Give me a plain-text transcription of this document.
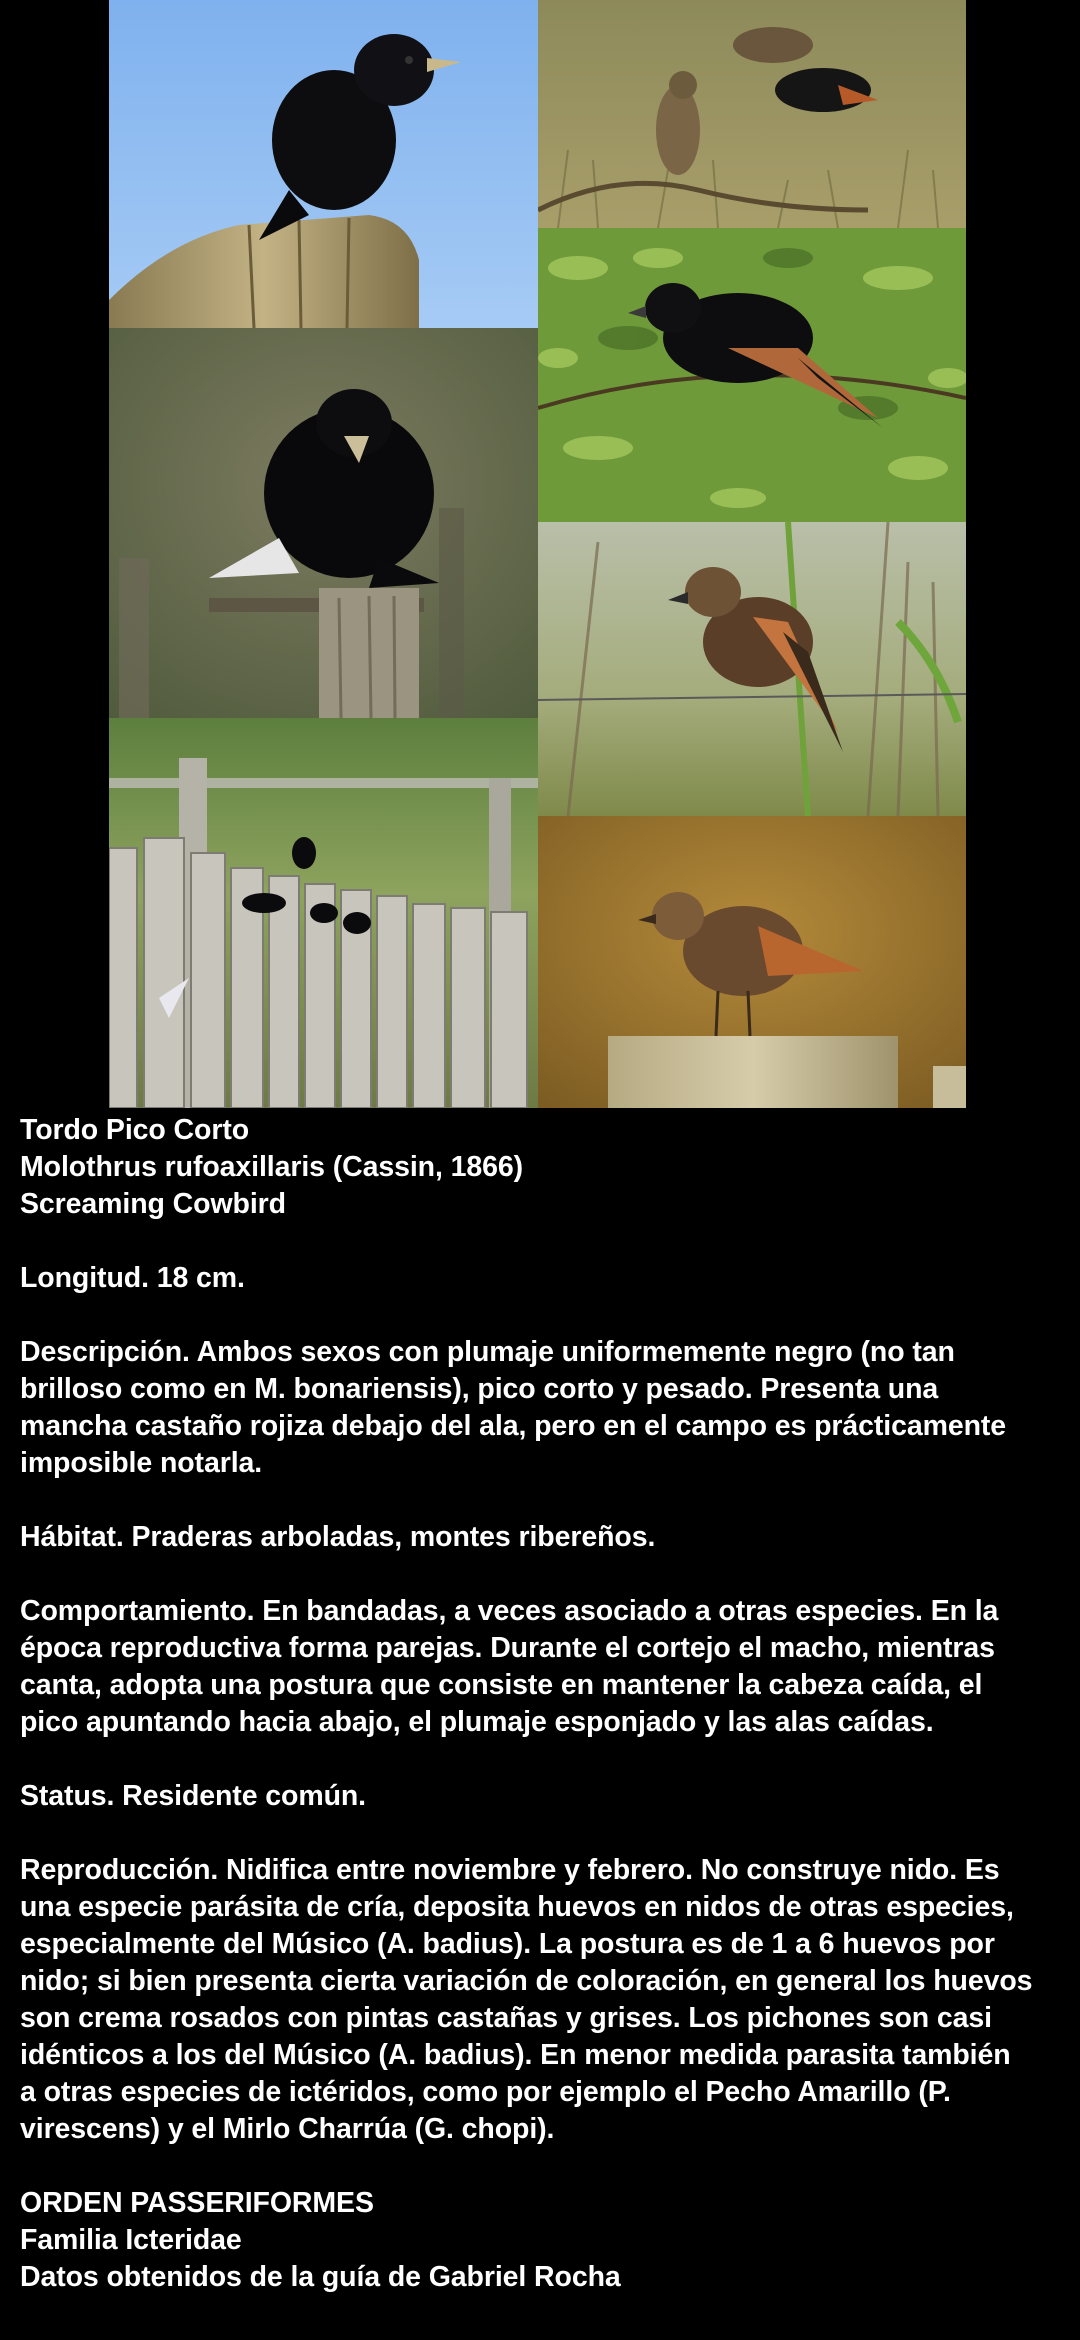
Tordo Pico Corto
Molothrus rufoaxillaris (Cassin, 1866)
Screaming Cowbird

Longitud. 18 cm.

Descripción. Ambos sexos con plumaje uniformemente negro (no tan
brilloso como en M. bonariensis), pico corto y pesado. Presenta una
mancha castaño rojiza debajo del ala, pero en el campo es prácticamente
imposible notarla.

Hábitat. Praderas arboladas, montes ribereños.

Comportamiento. En bandadas, a veces asociado a otras especies. En la
época reproductiva forma parejas. Durante el cortejo el macho, mientras
canta, adopta una postura que consiste en mantener la cabeza caída, el
pico apuntando hacia abajo, el plumaje esponjado y las alas caídas.

Status. Residente común.

Reproducción. Nidifica entre noviembre y febrero. No construye nido. Es
una especie parásita de cría, deposita huevos en nidos de otras especies,
especialmente del Músico (A. badius). La postura es de 1 a 6 huevos por
nido; si bien presenta cierta variación de coloración, en general los huevos
son crema rosados con pintas castañas y grises. Los pichones son casi
idénticos a los del Músico (A. badius). En menor medida parasita también
a otras especies de ictéridos, como por ejemplo el Pecho Amarillo (P.
virescens) y el Mirlo Charrúa (G. chopi).

ORDEN PASSERIFORMES
Familia Icteridae
Datos obtenidos de la guía de Gabriel Rocha
